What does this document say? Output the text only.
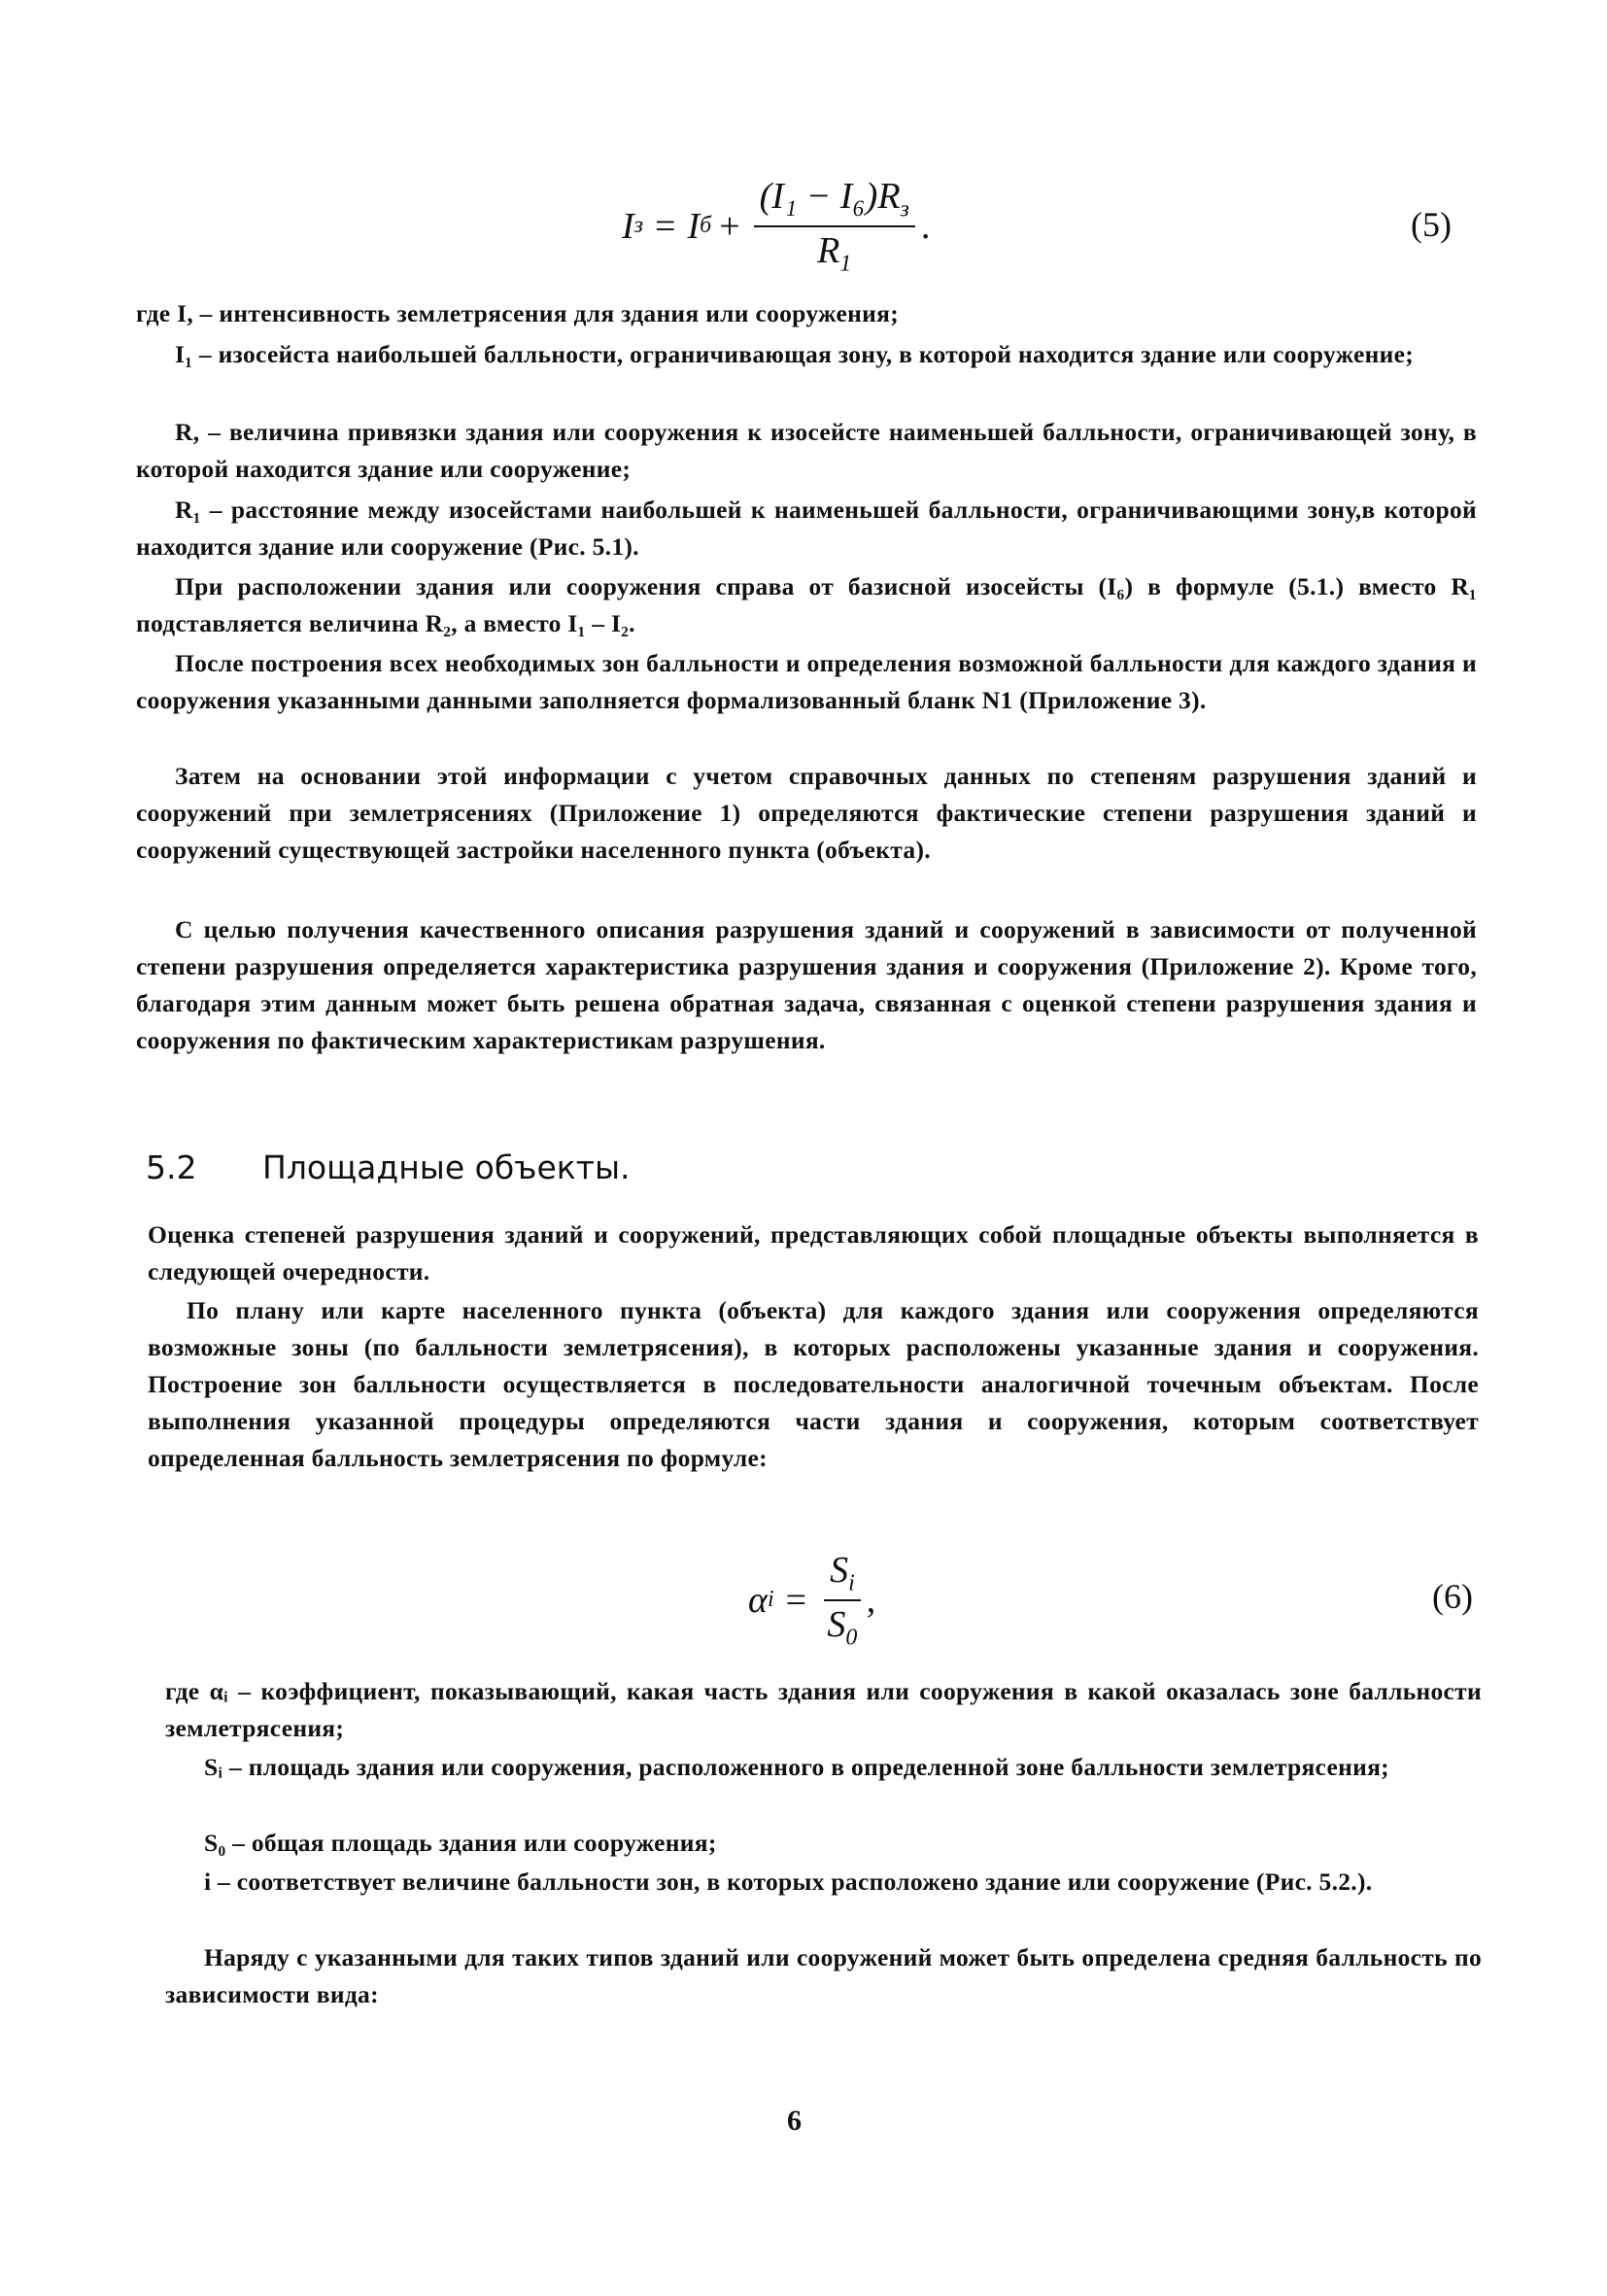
I з = I $б + \frac{(I_1 - I_6)R_з}{R_1}$ .	(5)

где I, – интенсивность землетрясения для здания или сооружения;

I₁ – изосейста наибольшей балльности, ограничивающая зону, в которой находится здание или сооружение;

R, – величина привязки здания или сооружения к изосейсте наименьшей балльности, ограничивающей зону, в которой находится здание или сооружение;

R₁ – расстояние между изосейстами наибольшей к наименьшей балльности, ограничивающими зону,в которой находится здание или сооружение (Рис. 5.1).

При расположении здания или сооружения справа от базисной изосейсты (I₆) в формуле (5.1.) вместо R₁ подставляется величина R₂, а вместо I₁ – I₂.

После построения всех необходимых зон балльности и определения возможной балльности для каждого здания и сооружения указанными данными заполняется формализованный бланк N1 (Приложение 3).

Затем на основании этой информации с учетом справочных данных по степеням разрушения зданий и сооружений при землетрясениях (Приложение 1) определяются фактические степени разрушения зданий и сооружений существующей застройки населенного пункта (объекта).

С целью получения качественного описания разрушения зданий и сооружений в зависимости от полученной степени разрушения определяется характеристика разрушения здания и сооружения (Приложение 2). Кроме того, благодаря этим данным может быть решена обратная задача, связанная с оценкой степени разрушения здания и сооружения по фактическим характеристикам разрушения.

5.2 Площадные объекты.

Оценка степеней разрушения зданий и сооружений, представляющих собой площадные объекты выполняется в следующей очередности.

По плану или карте населенного пункта (объекта) для каждого здания или сооружения определяются возможные зоны (по балльности землетрясения), в которых расположены указанные здания и сооружения. Построение зон балльности осуществляется в последовательности аналогичной точечным объектам. После выполнения указанной процедуры определяются части здания и сооружения, которым соответствует определенная балльность землетрясения по формуле:

α $i = \frac{S_i}{S_0}$ ,	(6)

где αᵢ – коэффициент, показывающий, какая часть здания или сооружения в какой оказалась зоне балльности землетрясения;

Sᵢ – площадь здания или сооружения, расположенного в определенной зоне балльности землетрясения;

S₀ – общая площадь здания или сооружения;

i – соответствует величине балльности зон, в которых расположено здание или сооружение (Рис. 5.2.).

Наряду с указанными для таких типов зданий или сооружений может быть определена средняя балльность по зависимости вида:

6
